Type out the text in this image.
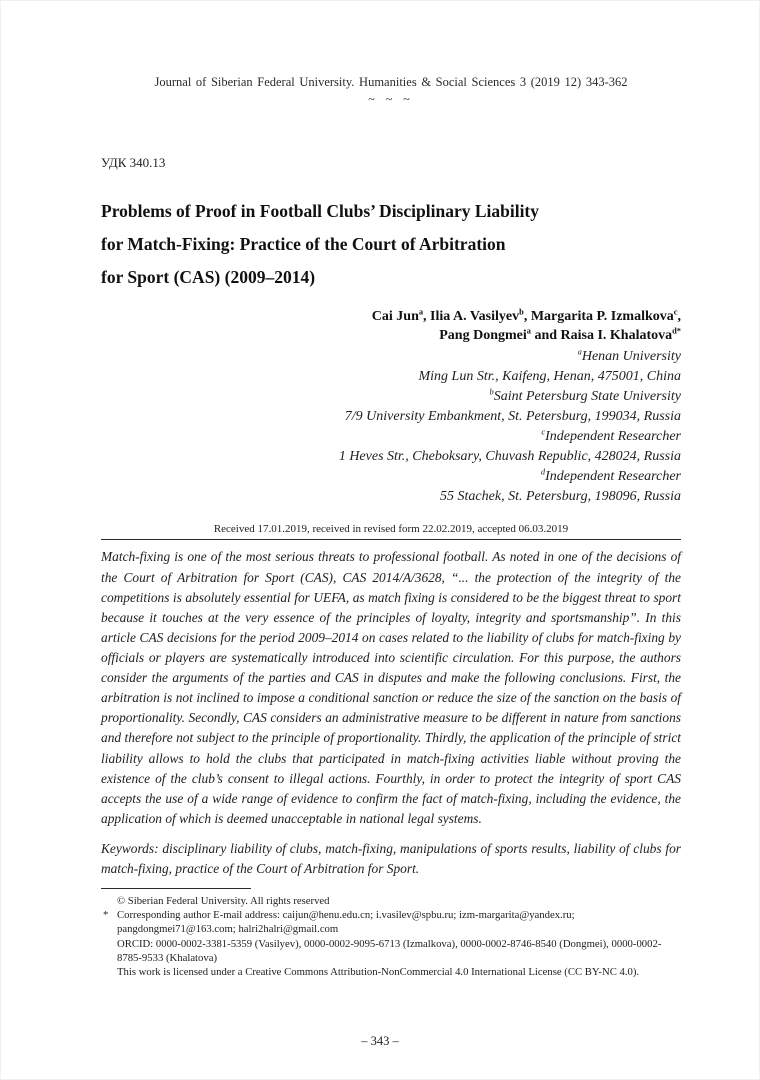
Journal of Siberian Federal University. Humanities & Social Sciences 3 (2019 12) 343-362
~ ~ ~
УДК 340.13
Problems of Proof in Football Clubs’ Disciplinary Liability
for Match-Fixing: Practice of the Court of Arbitration
for Sport (CAS) (2009–2014)
Cai Jun$^a$, Ilia A. Vasilyev$^b$, Margarita P. Izmalkova$^c$,
Pang Dongmei$^a$ and Raisa I. Khalatova$^{d*}$
$^a$Henan University
Ming Lun Str., Kaifeng, Henan, 475001, China
$^b$Saint Petersburg State University
7/9 University Embankment, St. Petersburg, 199034, Russia
$^c$Independent Researcher
1 Heves Str., Cheboksary, Chuvash Republic, 428024, Russia
$^d$Independent Researcher
55 Stachek, St. Petersburg, 198096, Russia
Received 17.01.2019, received in revised form 22.02.2019, accepted 06.03.2019

Match-fixing is one of the most serious threats to professional football. As noted in one of the decisions of the Court of Arbitration for Sport (CAS), CAS 2014/A/3628, “... the protection of the integrity of the competitions is absolutely essential for UEFA, as match fixing is considered to be the biggest threat to sport because it touches at the very essence of the principles of loyalty, integrity and sportsmanship”. In this article CAS decisions for the period 2009–2014 on cases related to the liability of clubs for match-fixing by officials or players are systematically introduced into scientific circulation. For this purpose, the authors consider the arguments of the parties and CAS in disputes and make the following conclusions. First, the arbitration is not inclined to impose a conditional sanction or reduce the size of the sanction on the basis of proportionality. Secondly, CAS considers an administrative measure to be different in nature from sanctions and therefore not subject to the principle of proportionality. Thirdly, the application of the principle of strict liability allows to hold the clubs that participated in match-fixing activities liable without proving the existence of the club’s consent to illegal actions. Fourthly, in order to protect the integrity of sport CAS accepts the use of a wide range of evidence to confirm the fact of match-fixing, including the evidence, the application of which is deemed unacceptable in national legal systems.

Keywords: disciplinary liability of clubs, match-fixing, manipulations of sports results, liability of clubs for match-fixing, practice of the Court of Arbitration for Sport.

© Siberian Federal University. All rights reserved
* Corresponding author E-mail address: caijun@henu.edu.cn; i.vasilev@spbu.ru; izm-margarita@yandex.ru; pangdongmei71@163.com; halri2halri@gmail.com
ORCID: 0000-0002-3381-5359 (Vasilyev), 0000-0002-9095-6713 (Izmalkova), 0000-0002-8746-8540 (Dongmei), 0000-0002-8785-9533 (Khalatova)
This work is licensed under a Creative Commons Attribution-NonCommercial 4.0 International License (CC BY-NC 4.0).
– 343 –
